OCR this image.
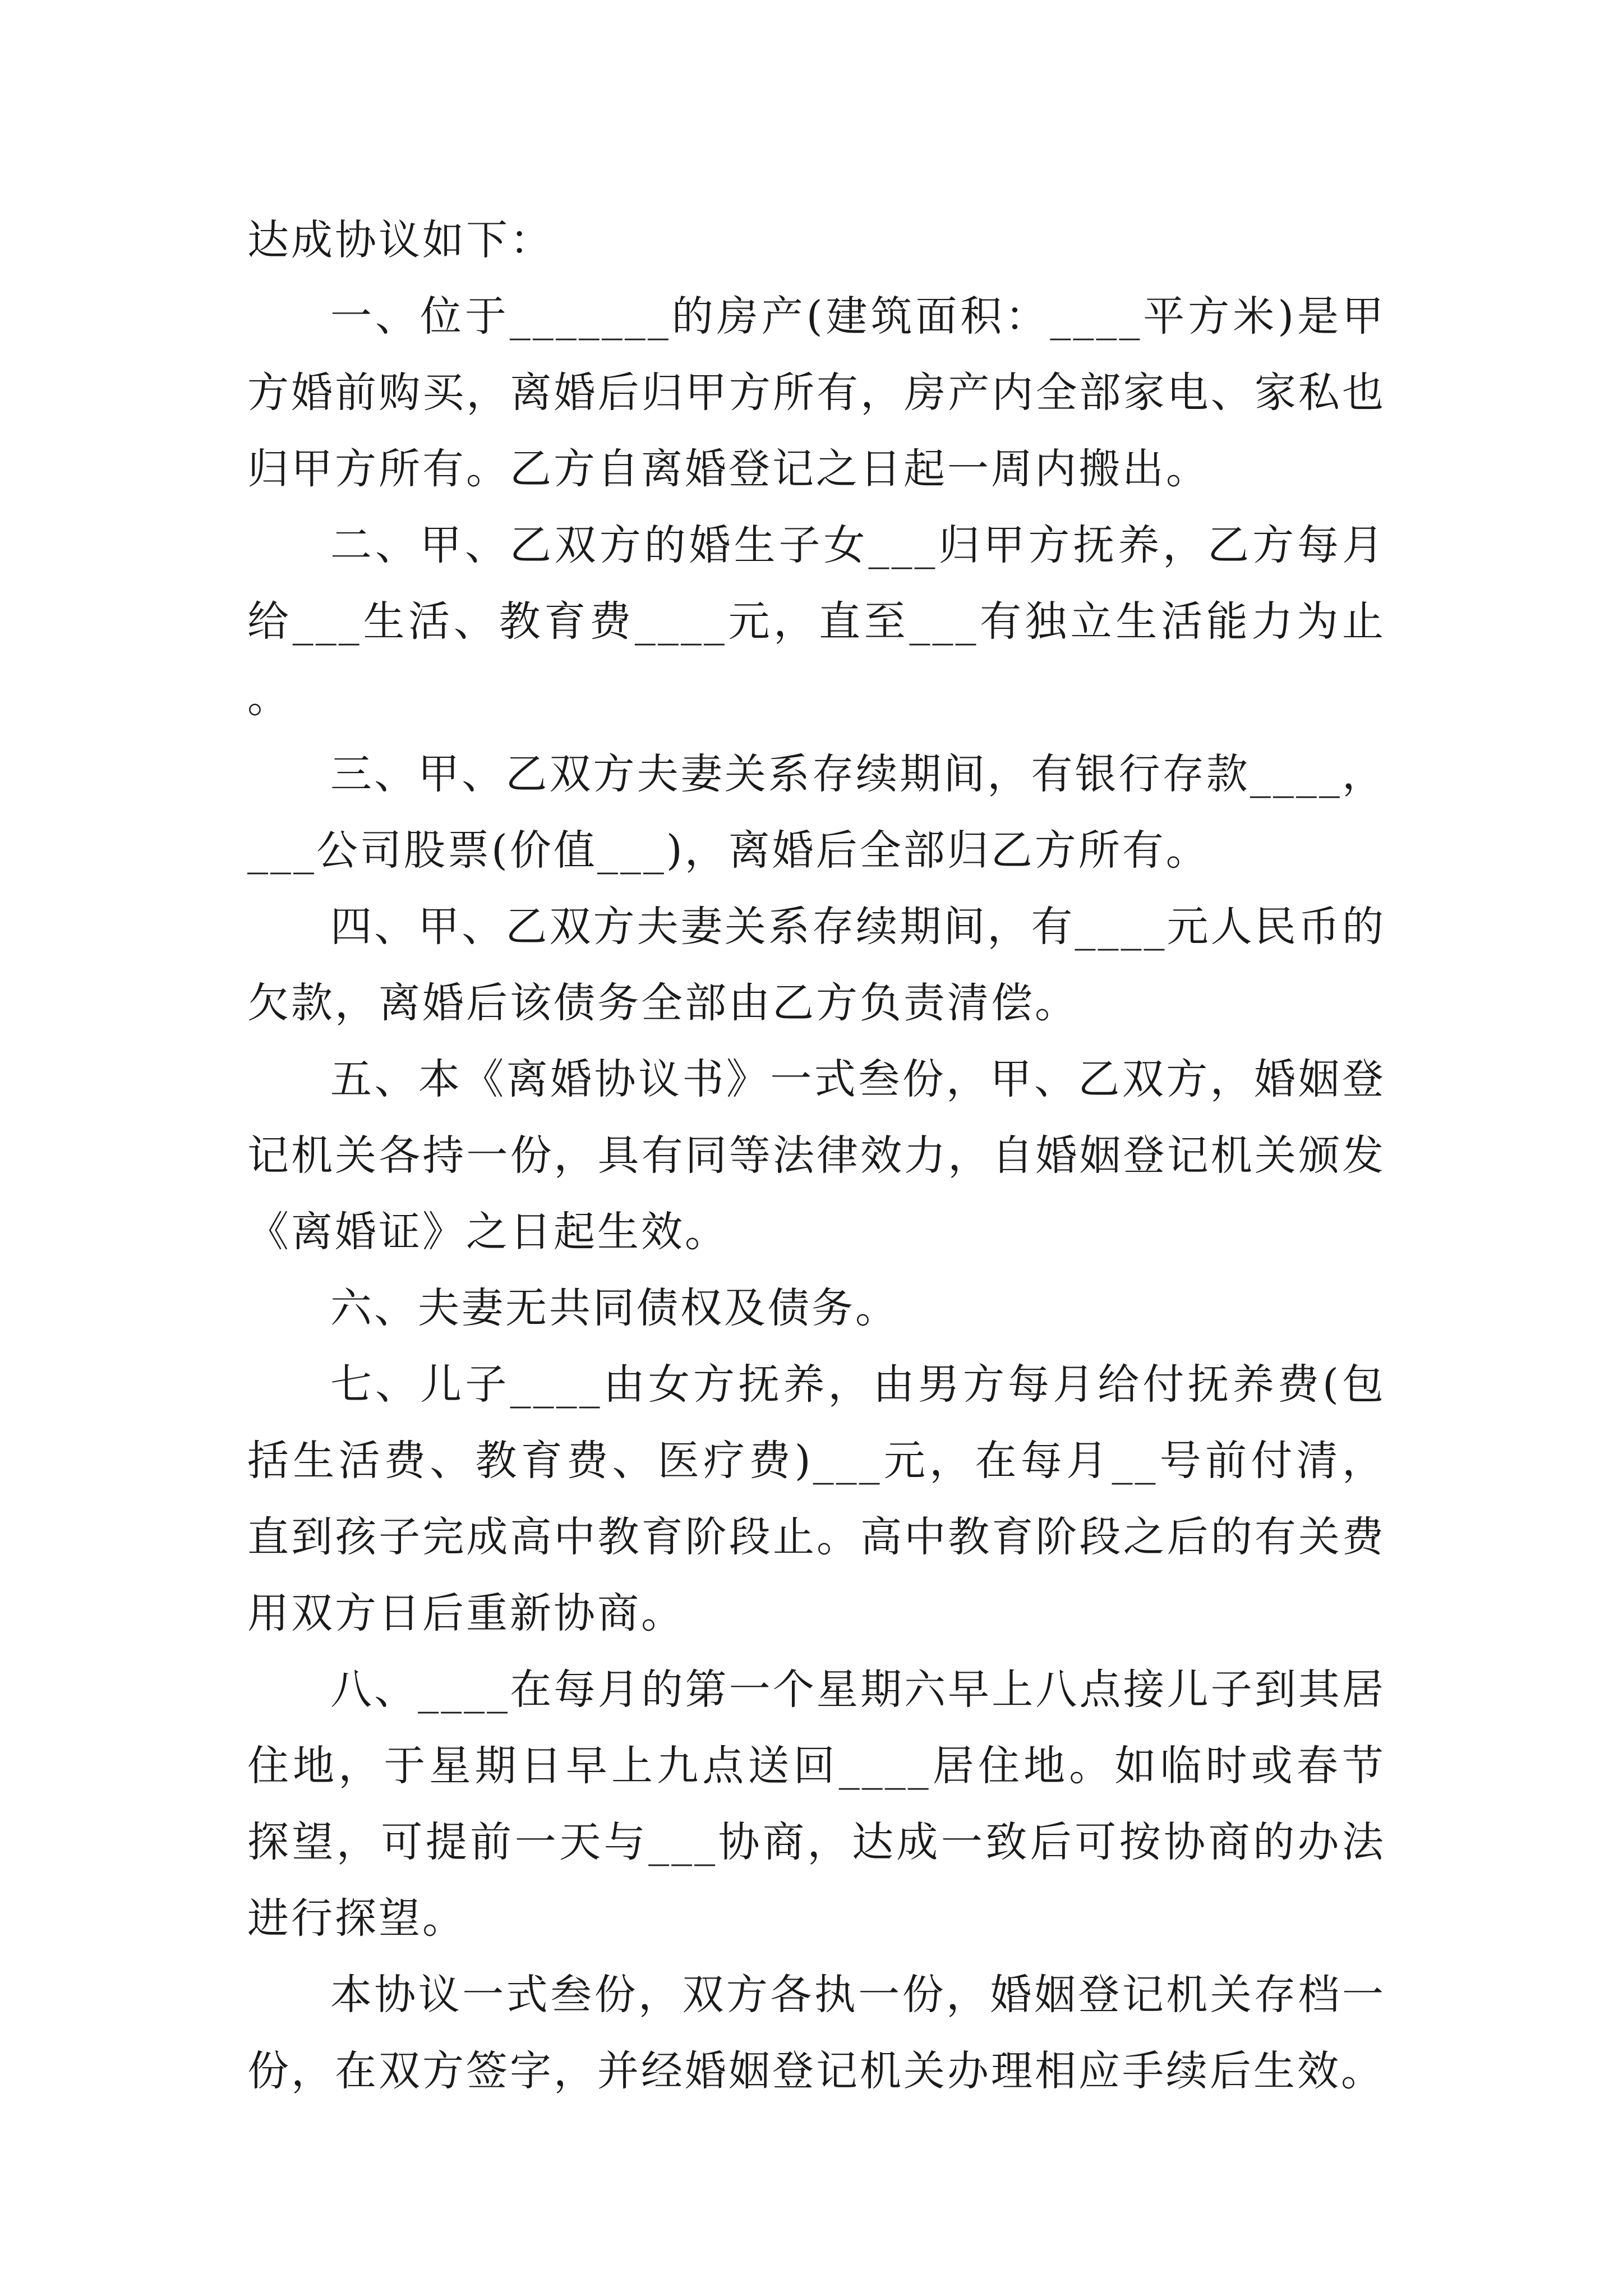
达成协议如下：

一、位于_______的房产(建筑面积：____平方米)是甲方婚前购买，离婚后归甲方所有，房产内全部家电、家私也归甲方所有。乙方自离婚登记之日起一周内搬出。

二、甲、乙双方的婚生子女___归甲方抚养，乙方每月给___生活、教育费____元，直至___有独立生活能力为止。

三、甲、乙双方夫妻关系存续期间，有银行存款____，___公司股票(价值___)，离婚后全部归乙方所有。

四、甲、乙双方夫妻关系存续期间，有____元人民币的欠款，离婚后该债务全部由乙方负责清偿。

五、本《离婚协议书》一式叁份，甲、乙双方，婚姻登记机关各持一份，具有同等法律效力，自婚姻登记机关颁发《离婚证》之日起生效。

六、夫妻无共同债权及债务。

七、儿子____由女方抚养，由男方每月给付抚养费(包括生活费、教育费、医疗费)___元，在每月__号前付清，直到孩子完成高中教育阶段止。高中教育阶段之后的有关费用双方日后重新协商。

八、____在每月的第一个星期六早上八点接儿子到其居住地，于星期日早上九点送回____居住地。如临时或春节探望，可提前一天与___协商，达成一致后可按协商的办法进行探望。

本协议一式叁份，双方各执一份，婚姻登记机关存档一份，在双方签字，并经婚姻登记机关办理相应手续后生效。
